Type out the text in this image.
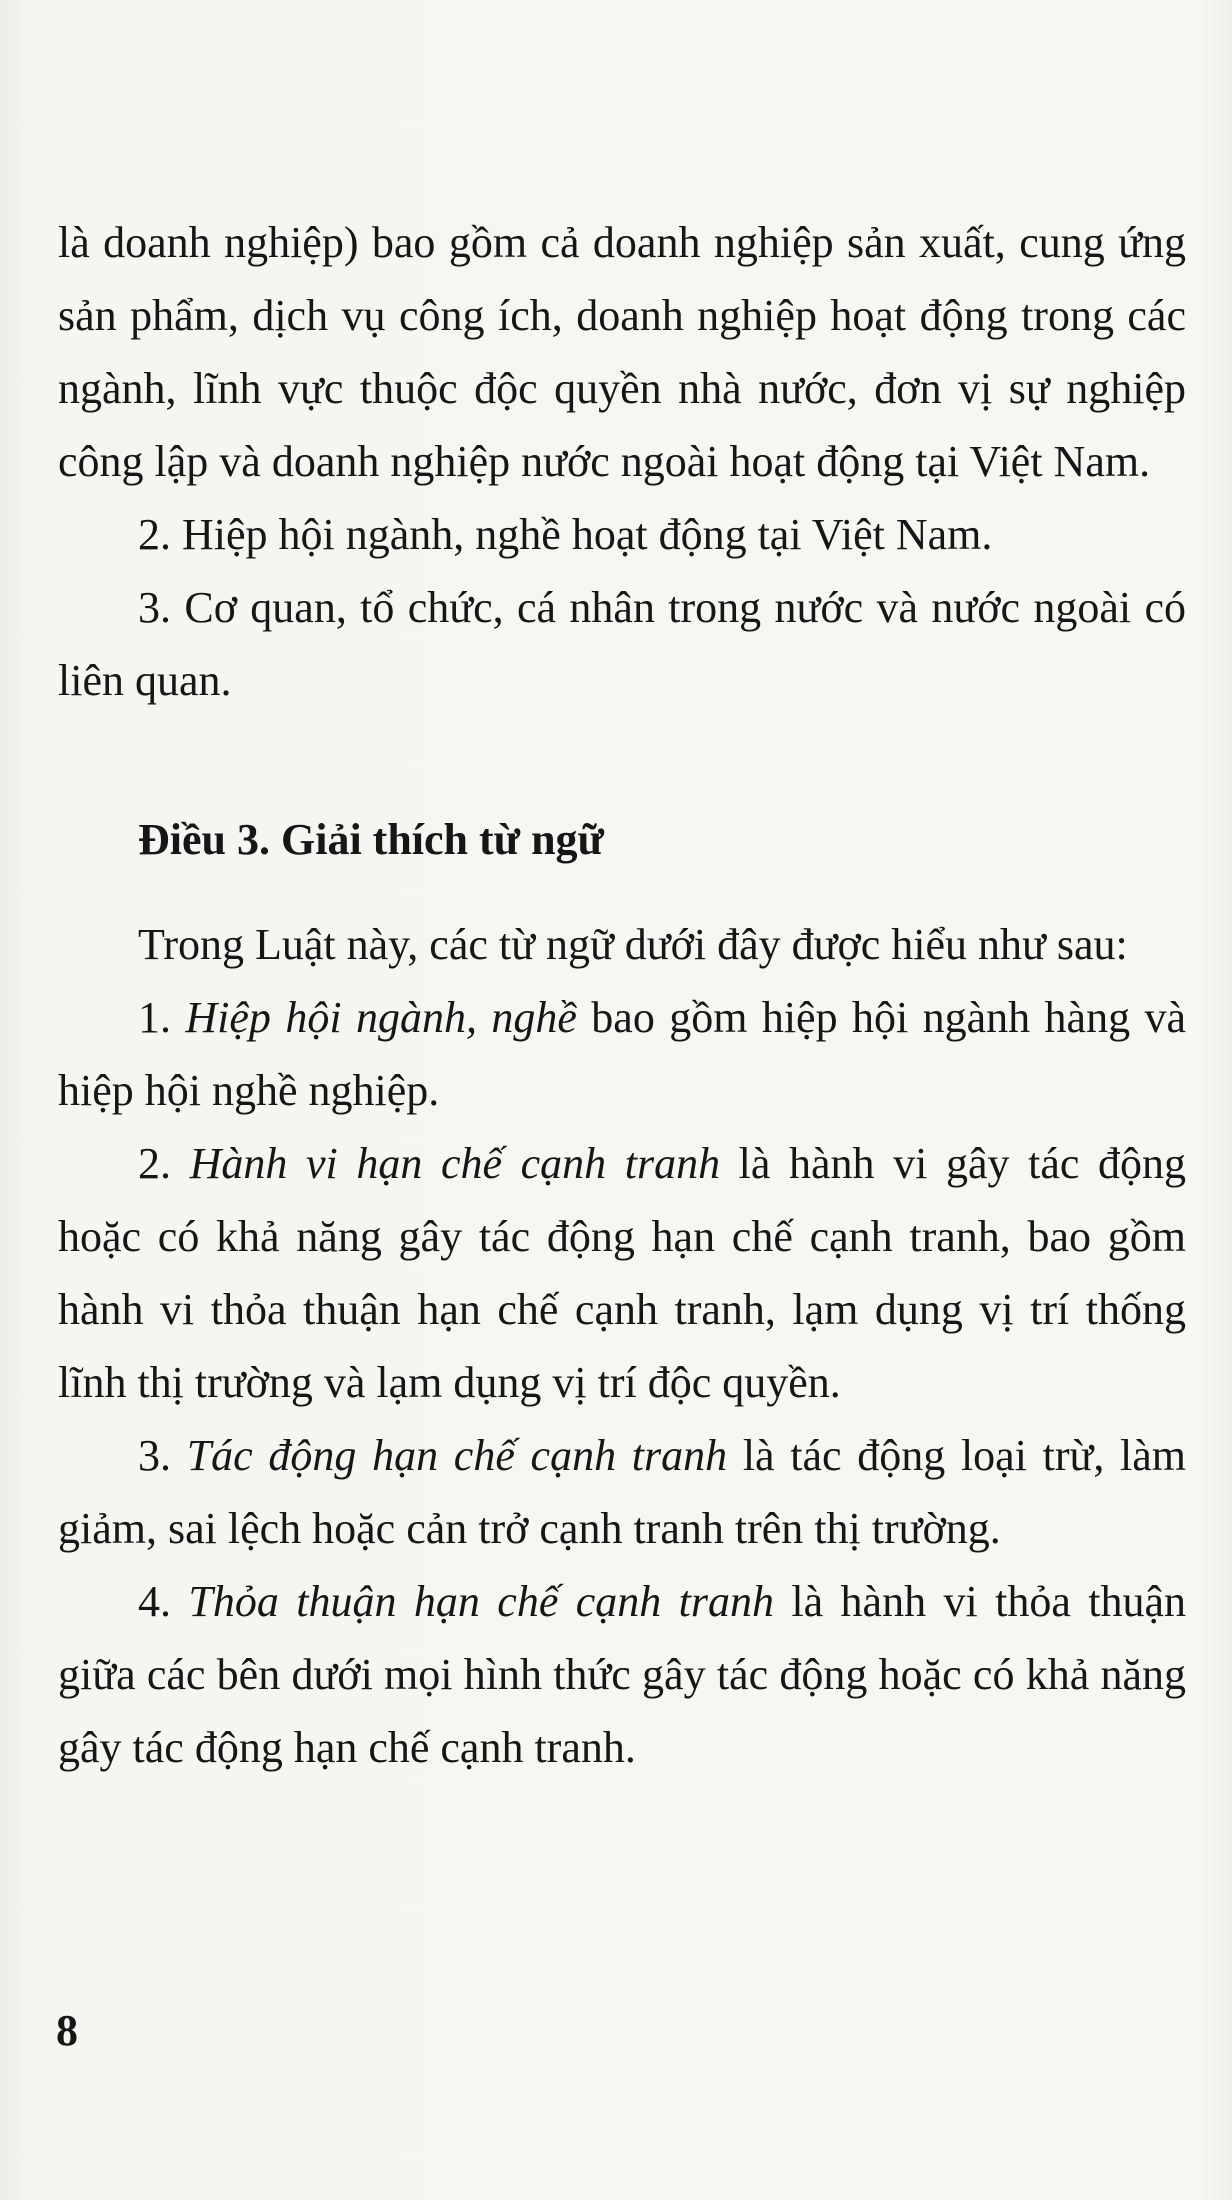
là doanh nghiệp) bao gồm cả doanh nghiệp sản xuất, cung ứng sản phẩm, dịch vụ công ích, doanh nghiệp hoạt động trong các ngành, lĩnh vực thuộc độc quyền nhà nước, đơn vị sự nghiệp công lập và doanh nghiệp nước ngoài hoạt động tại Việt Nam.

2. Hiệp hội ngành, nghề hoạt động tại Việt Nam.

3. Cơ quan, tổ chức, cá nhân trong nước và nước ngoài có liên quan.

Điều 3. Giải thích từ ngữ

Trong Luật này, các từ ngữ dưới đây được hiểu như sau:

1. Hiệp hội ngành, nghề bao gồm hiệp hội ngành hàng và hiệp hội nghề nghiệp.

2. Hành vi hạn chế cạnh tranh là hành vi gây tác động hoặc có khả năng gây tác động hạn chế cạnh tranh, bao gồm hành vi thỏa thuận hạn chế cạnh tranh, lạm dụng vị trí thống lĩnh thị trường và lạm dụng vị trí độc quyền.

3. Tác động hạn chế cạnh tranh là tác động loại trừ, làm giảm, sai lệch hoặc cản trở cạnh tranh trên thị trường.

4. Thỏa thuận hạn chế cạnh tranh là hành vi thỏa thuận giữa các bên dưới mọi hình thức gây tác động hoặc có khả năng gây tác động hạn chế cạnh tranh.

8
